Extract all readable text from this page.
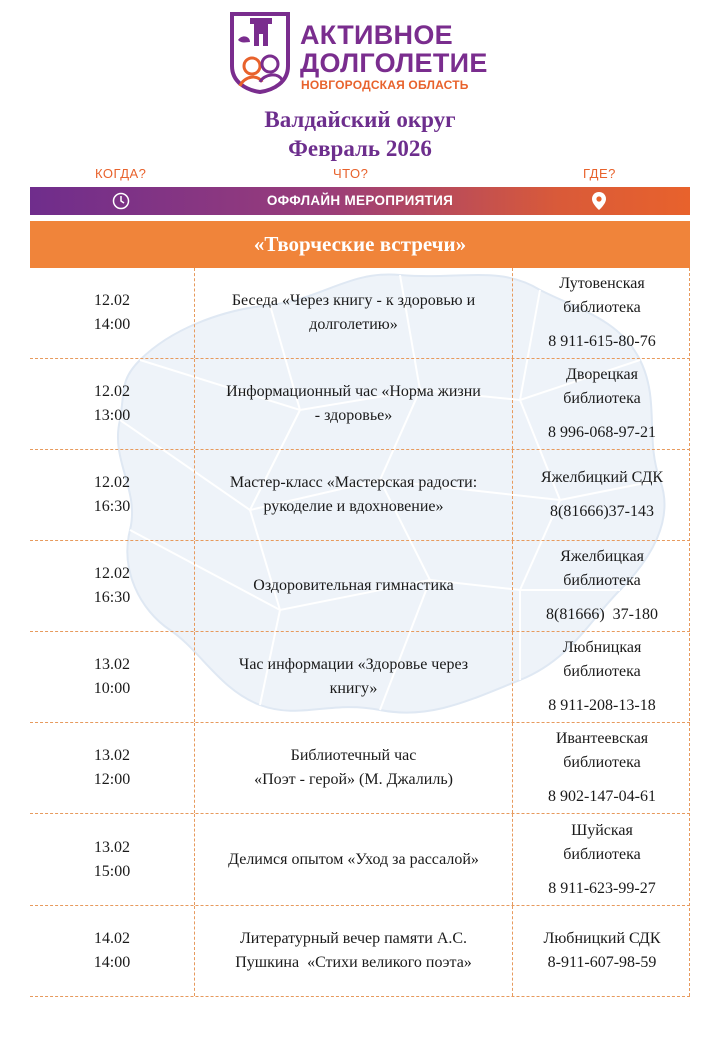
АКТИВНОЕ
ДОЛГОЛЕТИЕ
НОВГОРОДСКАЯ ОБЛАСТЬ
Валдайский округ
Февраль 2026
КОГДА?	ЧТО?	ГДЕ?
ОФФЛАЙН МЕРОПРИЯТИЯ
«Творческие встречи»
12.02
14:00
Беседа «Через книгу - к здоровью и
долголетию»
Лутовенская
библиотека
8 911-615-80-76
12.02
13:00
Информационный час «Норма жизни
- здоровье»
Дворецкая
библиотека
8 996-068-97-21
12.02
16:30
Мастер-класс «Мастерская радости:
рукоделие и вдохновение»
Яжелбицкий СДК
8(81666)37-143
12.02
16:30
Оздоровительная гимнастика
Яжелбицкая
библиотека
8(81666)  37-180
13.02
10:00
Час информации «Здоровье через
книгу»
Любницкая
библиотека
8 911-208-13-18
13.02
12:00
Библиотечный час
«Поэт - герой» (М. Джалиль)
Ивантеевская
библиотека
8 902-147-04-61
13.02
15:00
Делимся опытом «Уход за рассалой»
Шуйская
библиотека
8 911-623-99-27
14.02
14:00
Литературный вечер памяти А.С.
Пушкина  «Стихи великого поэта»
Любницкий СДК
8-911-607-98-59
